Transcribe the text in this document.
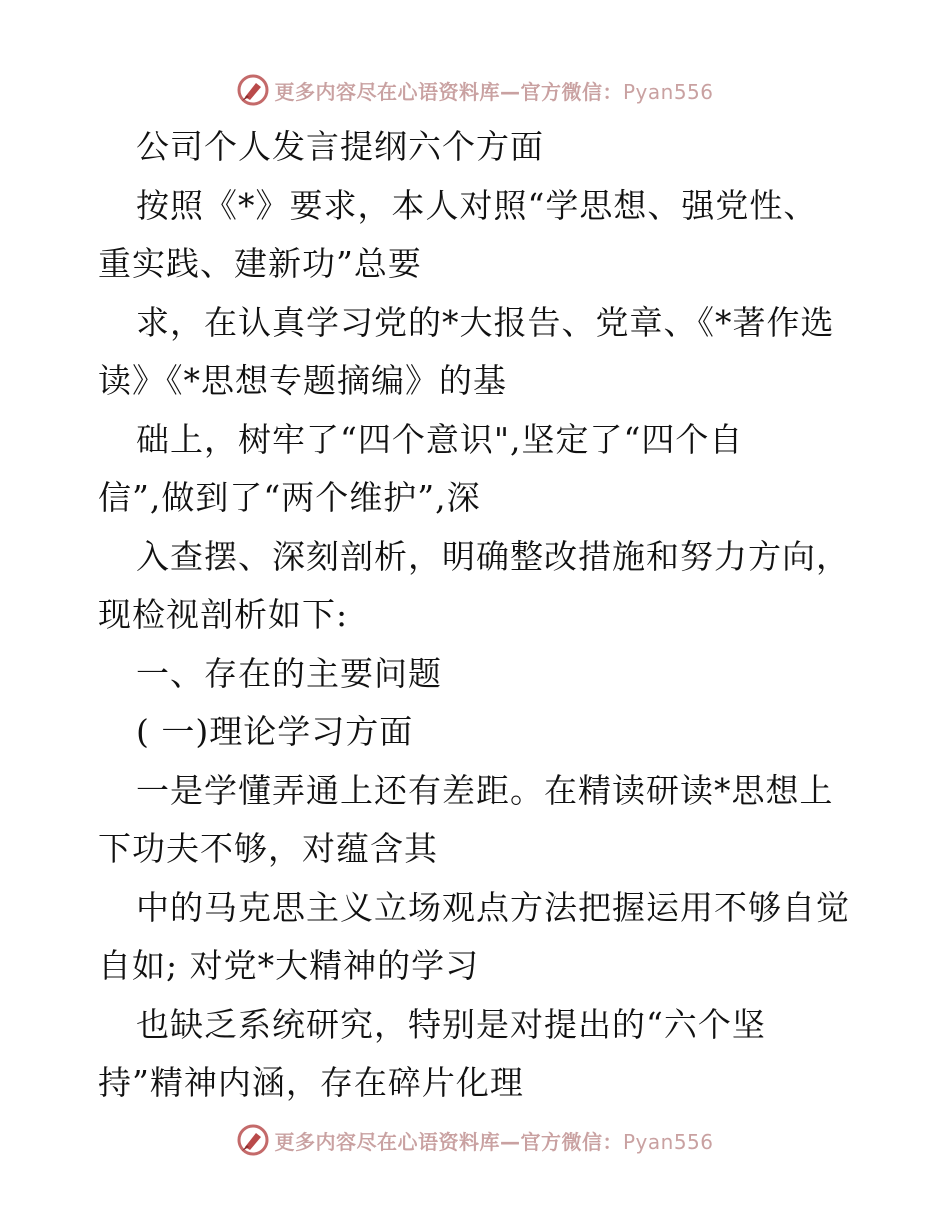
更多内容尽在心语资料库—官方微信：Pyan556
公司个人发言提纲六个方面
按照《*》要求，本人对照“学思想、强党性、
重实践、建新功”总要
求，在认真学习党的*大报告、党章、《*著作选
读》《*思想专题摘编》的基
础上，树牢了“四个意识",坚定了“四个自
信”,做到了“两个维护”,深
入查摆、深刻剖析，明确整改措施和努力方向，
现检视剖析如下:
一、存在的主要问题
( 一)理论学习方面
一是学懂弄通上还有差距。在精读研读*思想上
下功夫不够，对蕴含其
中的马克思主义立场观点方法把握运用不够自觉
自如; 对党*大精神的学习
也缺乏系统研究，特别是对提出的“六个坚
持”精神内涵，存在碎片化理
更多内容尽在心语资料库—官方微信：Pyan556
